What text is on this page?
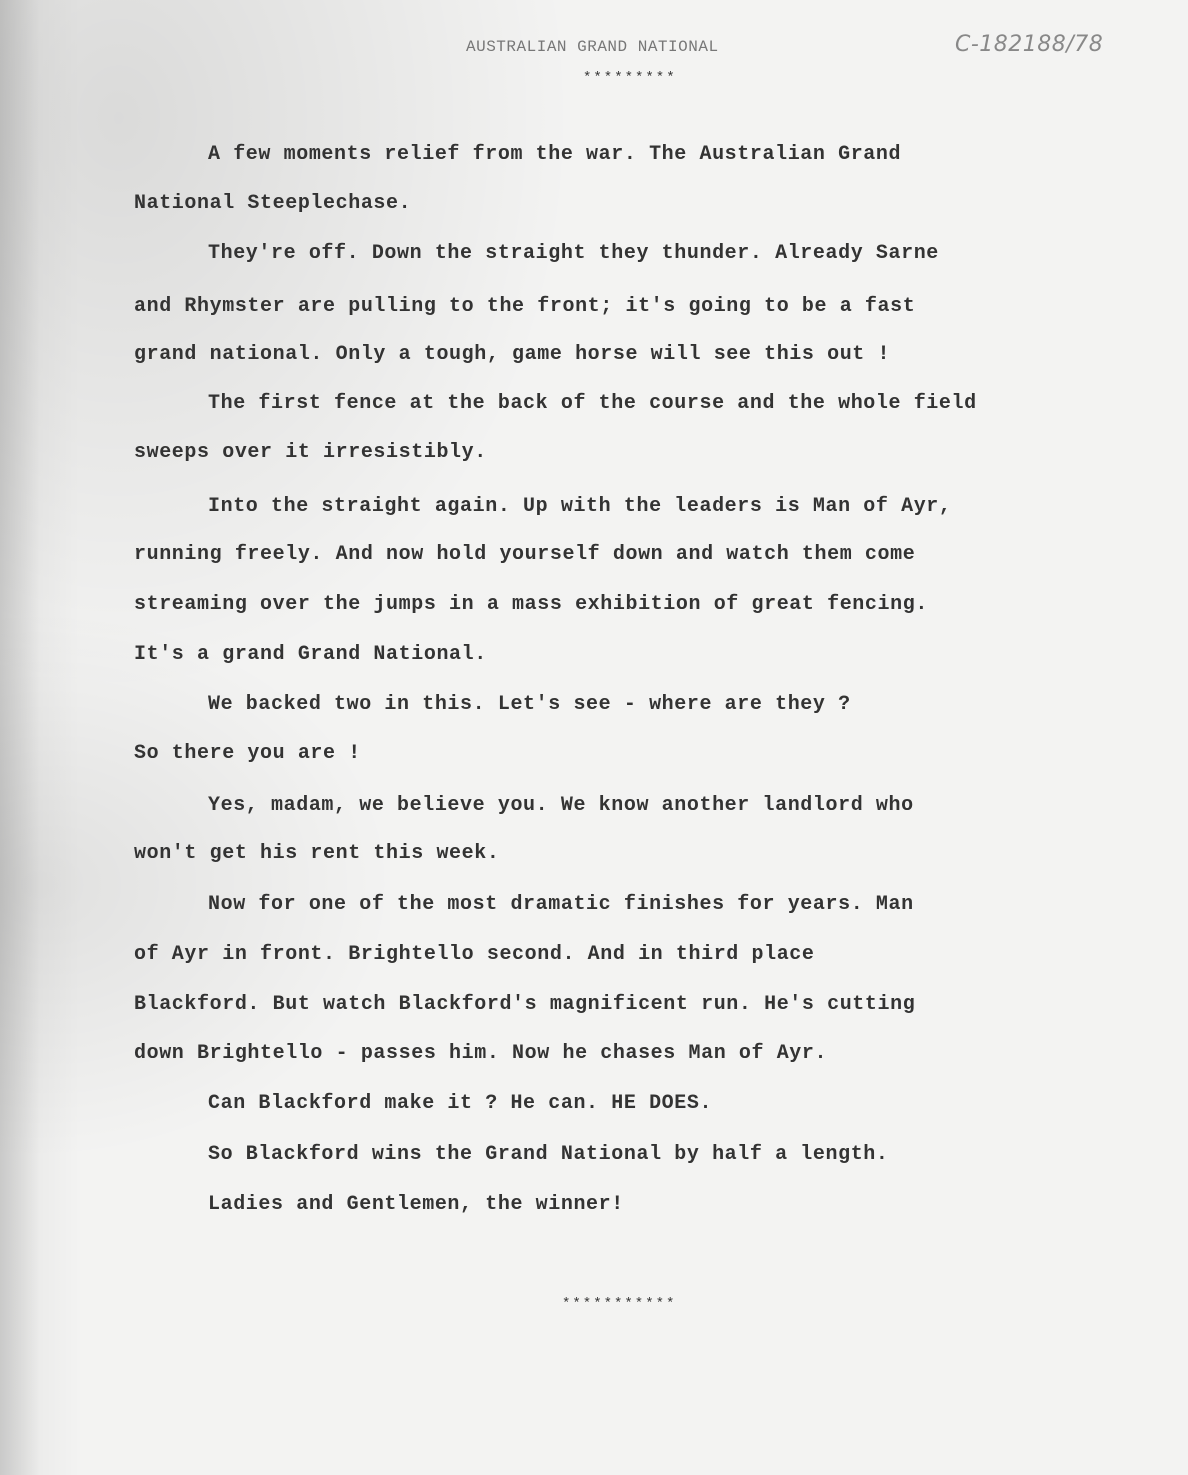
AUSTRALIAN GRAND NATIONAL	C-182188/78
*********
A few moments relief from the war. The Australian Grand
National Steeplechase.
They're off. Down the straight they thunder. Already Sarne
and Rhymster are pulling to the front; it's going to be a fast
grand national. Only a tough, game horse will see this out !
The first fence at the back of the course and the whole field
sweeps over it irresistibly.
Into the straight again. Up with the leaders is Man of Ayr,
running freely. And now hold yourself down and watch them come
streaming over the jumps in a mass exhibition of great fencing.
It's a grand Grand National.
We backed two in this. Let's see - where are they ?
So there you are !
Yes, madam, we believe you. We know another landlord who
won't get his rent this week.
Now for one of the most dramatic finishes for years. Man
of Ayr in front. Brightello second. And in third place
Blackford. But watch Blackford's magnificent run. He's cutting
down Brightello - passes him. Now he chases Man of Ayr.
Can Blackford make it ? He can. HE DOES.
So Blackford wins the Grand National by half a length.
Ladies and Gentlemen, the winner!
***********
